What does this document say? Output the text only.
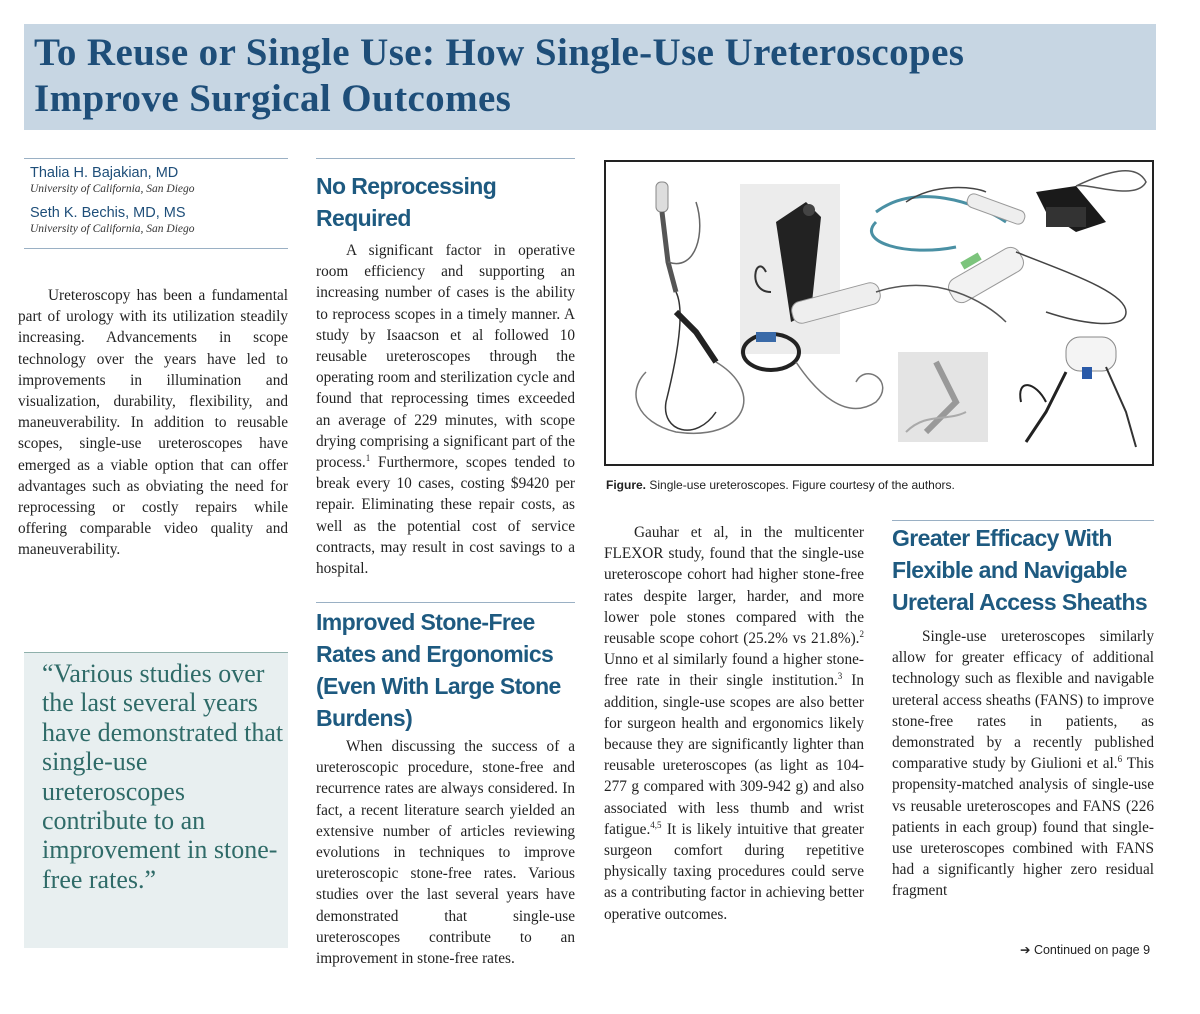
To Reuse or Single Use: How Single-Use Ureteroscopes
Improve Surgical Outcomes
Thalia H. Bajakian, MD
University of California, San Diego
Seth K. Bechis, MD, MS
University of California, San Diego

Ureteroscopy has been a fundamental part of urology with its utilization steadily increasing. Advancements in scope technology over the years have led to improvements in illumination and visualization, durability, flexibility, and maneuverability. In addition to reusable scopes, single-use ureteroscopes have emerged as a viable option that can offer advantages such as obviating the need for reprocessing or costly repairs while offering comparable video quality and maneuverability.

“Various studies over the last several years have demonstrated that single-use ureteroscopes contribute to an improvement in stone-free rates.”

No Reprocessing Required

A significant factor in operative room efficiency and supporting an increasing number of cases is the ability to reprocess scopes in a timely manner. A study by Isaacson et al followed 10 reusable ureteroscopes through the operating room and sterilization cycle and found that reprocessing times exceeded an average of 229 minutes, with scope drying comprising a significant part of the process.$^1$ Furthermore, scopes tended to break every 10 cases, costing $9420 per repair. Eliminating these repair costs, as well as the potential cost of service contracts, may result in cost savings to a hospital.

Improved Stone-Free Rates and Ergonomics (Even With Large Stone Burdens)

When discussing the success of a ureteroscopic procedure, stone-free and recurrence rates are always considered. In fact, a recent literature search yielded an extensive number of articles reviewing evolutions in techniques to improve ureteroscopic stone-free rates. Various studies over the last several years have demonstrated that single-use ureteroscopes contribute to an improvement in stone-free rates.

Figure. Single-use ureteroscopes. Figure courtesy of the authors.

Gauhar et al, in the multicenter FLEXOR study, found that the single-use ureteroscope cohort had higher stone-free rates despite larger, harder, and more lower pole stones compared with the reusable scope cohort (25.2% vs 21.8%).$^2$ Unno et al similarly found a higher stone-free rate in their single institution.$^3$ In addition, single-use scopes are also better for surgeon health and ergonomics likely because they are significantly lighter than reusable ureteroscopes (as light as 104-277 g compared with 309-942 g) and also associated with less thumb and wrist fatigue.$^{4,5}$ It is likely intuitive that greater surgeon comfort during repetitive physically taxing procedures could serve as a contributing factor in achieving better operative outcomes.

Greater Efficacy With Flexible and Navigable Ureteral Access Sheaths

Single-use ureteroscopes similarly allow for greater efficacy of additional technology such as flexible and navigable ureteral access sheaths (FANS) to improve stone-free rates in patients, as demonstrated by a recently published comparative study by Giulioni et al.$^6$ This propensity-matched analysis of single-use vs reusable ureteroscopes and FANS (226 patients in each group) found that single-use ureteroscopes combined with FANS had a significantly higher zero residual fragment

➔ Continued on page 9
